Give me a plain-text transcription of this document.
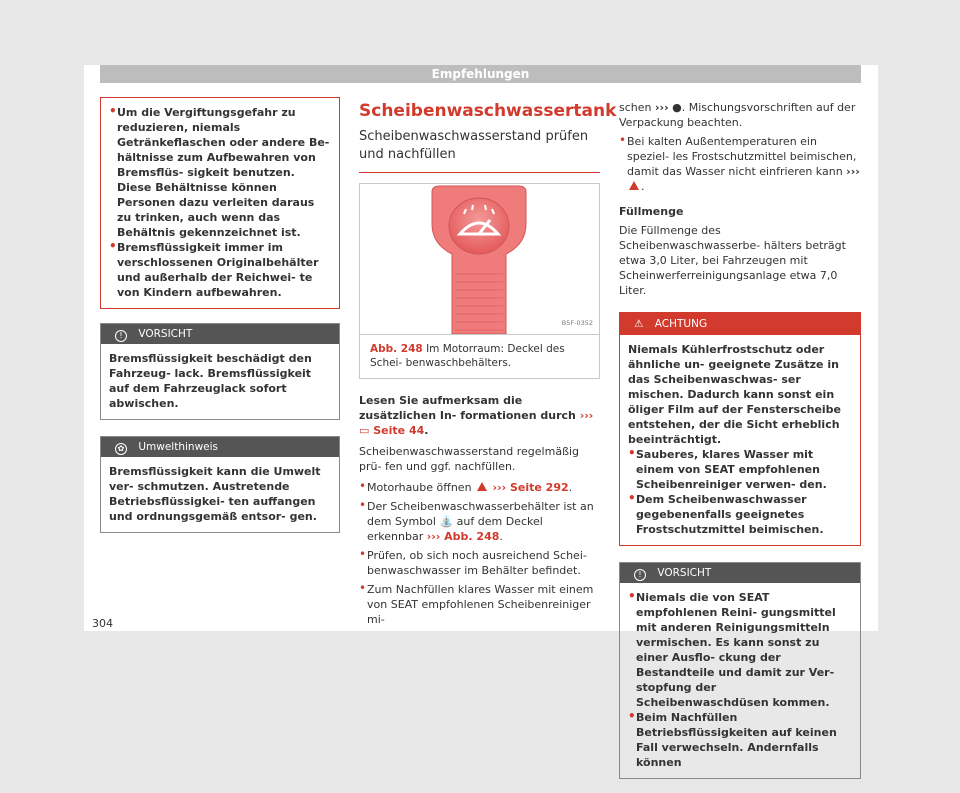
Empfehlungen
• Um die Vergiftungsgefahr zu reduzieren, niemals Getränkeflaschen oder andere Be- hältnisse zum Aufbewahren von Bremsflüs- sigkeit benutzen. Diese Behältnisse können Personen dazu verleiten daraus zu trinken, auch wenn das Behältnis gekennzeichnet ist.
• Bremsflüssigkeit immer im verschlossenen Originalbehälter und außerhalb der Reichwei- te von Kindern aufbewahren.
! VORSICHT
Bremsflüssigkeit beschädigt den Fahrzeug- lack. Bremsflüssigkeit auf dem Fahrzeuglack sofort abwischen.
✿ Umwelthinweis
Bremsflüssigkeit kann die Umwelt ver- schmutzen. Austretende Betriebsflüssigkei- ten auffangen und ordnungsgemäß entsor- gen.
Scheibenwaschwassertank
Scheibenwaschwasserstand prüfen und nachfüllen
B5F-0352
Abb. 248 Im Motorraum: Deckel des Schei- benwaschbehälters.
Lesen Sie aufmerksam die zusätzlichen In- formationen durch ››› ▭ Seite 44.
Scheibenwaschwasserstand regelmäßig prü- fen und ggf. nachfüllen.
• Motorhaube öffnen ››› Seite 292.
• Der Scheibenwaschwasserbehälter ist an dem Symbol ⛲ auf dem Deckel erkennbar ››› Abb. 248.
• Prüfen, ob sich noch ausreichend Schei- benwaschwasser im Behälter befindet.
• Zum Nachfüllen klares Wasser mit einem von SEAT empfohlenen Scheibenreiniger mi-
schen ››› ●. Mischungsvorschriften auf der Verpackung beachten.
• Bei kalten Außentemperaturen ein speziel- les Frostschutzmittel beimischen, damit das Wasser nicht einfrieren kann ››› .
Füllmenge
Die Füllmenge des Scheibenwaschwasserbe- hälters beträgt etwa 3,0 Liter, bei Fahrzeugen mit Scheinwerferreinigungsanlage etwa 7,0 Liter.
⚠ ACHTUNG
Niemals Kühlerfrostschutz oder ähnliche un- geeignete Zusätze in das Scheibenwaschwas- ser mischen. Dadurch kann sonst ein öliger Film auf der Fensterscheibe entstehen, der die Sicht erheblich beeinträchtigt.
• Sauberes, klares Wasser mit einem von SEAT empfohlenen Scheibenreiniger verwen- den.
• Dem Scheibenwaschwasser gegebenenfalls geeignetes Frostschutzmittel beimischen.
! VORSICHT
• Niemals die von SEAT empfohlenen Reini- gungsmittel mit anderen Reinigungsmitteln vermischen. Es kann sonst zu einer Ausflo- ckung der Bestandteile und damit zur Ver- stopfung der Scheibenwaschdüsen kommen.
• Beim Nachfüllen Betriebsflüssigkeiten auf keinen Fall verwechseln. Andernfalls können
304
